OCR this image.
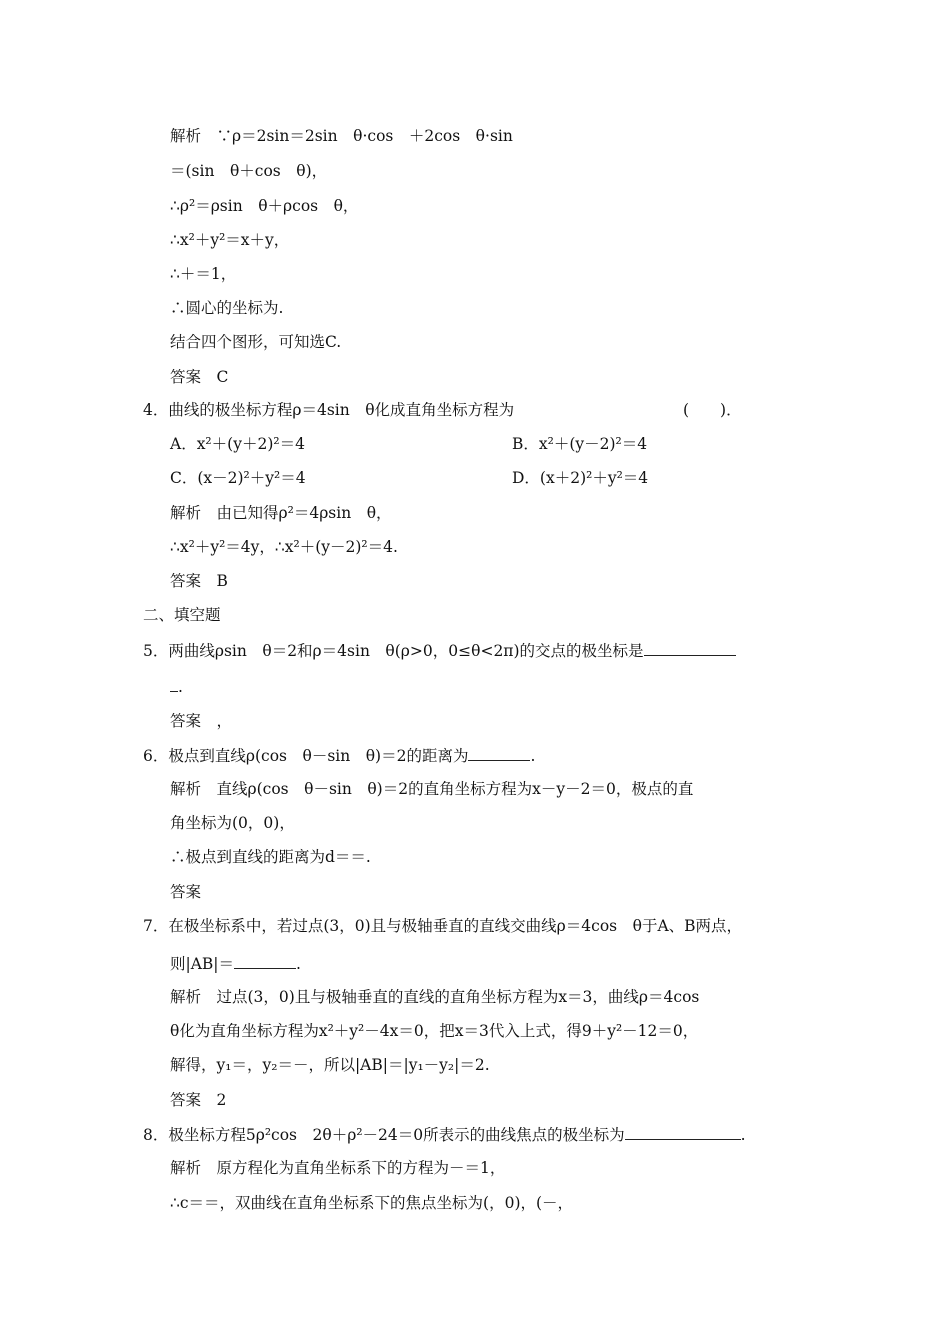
解析　∵ρ＝2sin＝2sin　θ·cos　＋2cos　θ·sin
＝(sin　θ＋cos　θ)，
∴ρ²＝ρsin　θ＋ρcos　θ，
∴x²＋y²＝x＋y，
∴＋＝1，
∴圆心的坐标为.
结合四个图形，可知选C.
答案　C
4．曲线的极坐标方程ρ＝4sin　θ化成直角坐标方程为	(　　)．
A．x²＋(y＋2)²＝4	B．x²＋(y－2)²＝4
C．(x－2)²＋y²＝4	D．(x＋2)²＋y²＝4
解析　由已知得ρ²＝4ρsin　θ，
∴x²＋y²＝4y，∴x²＋(y－2)²＝4.
答案　B
二、填空题
5．两曲线ρsin　θ＝2和ρ＝4sin　θ(ρ>0，0≤θ<2π)的交点的极坐标是
.
答案　，
6．极点到直线ρ(cos　θ－sin　θ)＝2的距离为	.
解析　直线ρ(cos　θ－sin　θ)＝2的直角坐标方程为x－y－2＝0，极点的直
角坐标为(0，0)，
∴极点到直线的距离为d＝＝.
答案
7．在极坐标系中，若过点(3，0)且与极轴垂直的直线交曲线ρ＝4cos　θ于A、B两点，
则|AB|＝	.
解析　过点(3，0)且与极轴垂直的直线的直角坐标方程为x＝3，曲线ρ＝4cos
θ化为直角坐标方程为x²＋y²－4x＝0，把x＝3代入上式，得9＋y²－12＝0，
解得，y₁＝，y₂＝－，所以|AB|＝|y₁－y₂|＝2.
答案　2
8．极坐标方程5ρ²cos　2θ＋ρ²－24＝0所表示的曲线焦点的极坐标为	.
解析　原方程化为直角坐标系下的方程为－＝1，
∴c＝＝，双曲线在直角坐标系下的焦点坐标为(，0)，(－，
